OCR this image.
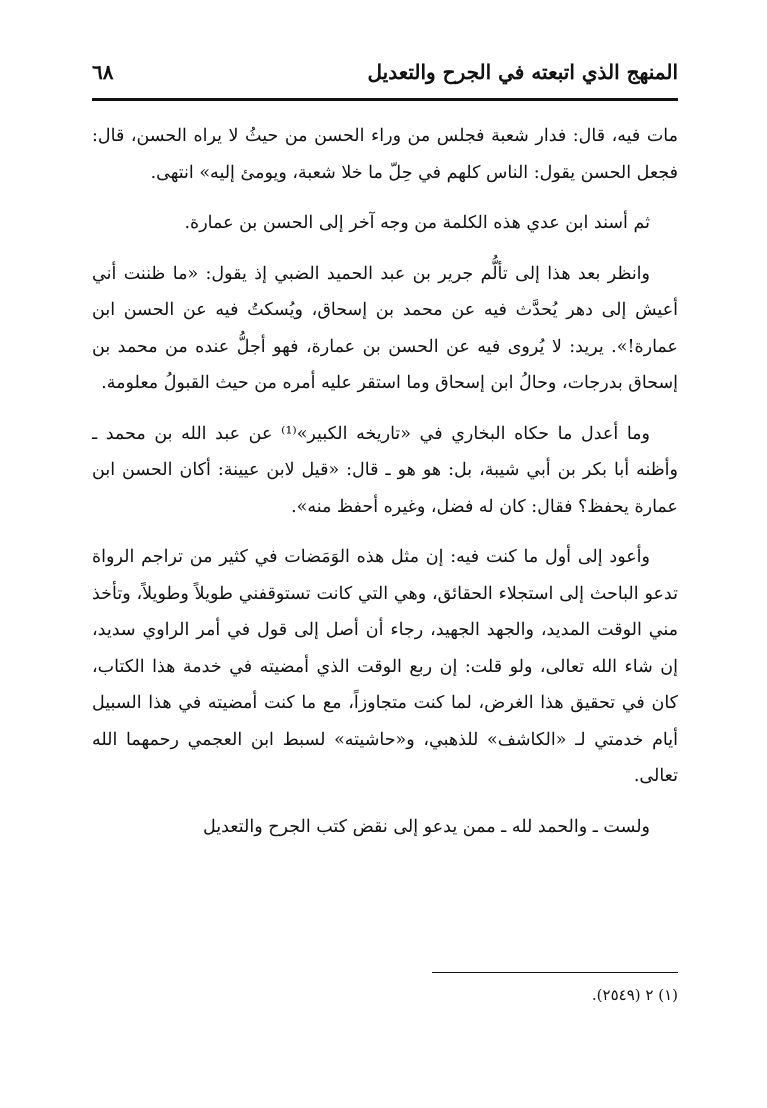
المنهج الذي اتبعته في الجرح والتعديل
٦٨

مات فيه، قال: فدار شعبة فجلس من وراء الحسن من حيثُ لا يراه الحسن، قال: فجعل الحسن يقول: الناس كلهم في حِلّ ما خلا شعبة، ويومئ إليه» انتهى.

ثم أسند ابن عدي هذه الكلمة من وجه آخر إلى الحسن بن عمارة.

وانظر بعد هذا إلى تألُّم جرير بن عبد الحميد الضبي إذ يقول: «ما ظننت أني أعيش إلى دهر يُحدَّث فيه عن محمد بن إسحاق، ويُسكتُ فيه عن الحسن ابن عمارة!». يريد: لا يُروى فيه عن الحسن بن عمارة، فهو أجلُّ عنده من محمد بن إسحاق بدرجات، وحالُ ابن إسحاق وما استقر عليه أمره من حيث القبولُ معلومة.

وما أعدل ما حكاه البخاري في «تاريخه الكبير»⁽¹⁾ عن عبد الله بن محمد ـ وأظنه أبا بكر بن أبي شيبة، بل: هو هو ـ قال: «قيل لابن عيينة: أكان الحسن ابن عمارة يحفظ؟ فقال: كان له فضل، وغيره أحفظ منه».

وأعود إلى أول ما كنت فيه: إن مثل هذه الوَمَضات في كثير من تراجم الرواة تدعو الباحث إلى استجلاء الحقائق، وهي التي كانت تستوقفني طويلاً وطويلاً، وتأخذ مني الوقت المديد، والجهد الجهيد، رجاء أن أصل إلى قول في أمر الراوي سديد، إن شاء الله تعالى، ولو قلت: إن ربع الوقت الذي أمضيته في خدمة هذا الكتاب، كان في تحقيق هذا الغرض، لما كنت متجاوزاً، مع ما كنت أمضيته في هذا السبيل أيام خدمتي لـ «الكاشف» للذهبي، و«حاشيته» لسبط ابن العجمي رحمهما الله تعالى.

ولست ـ والحمد لله ـ ممن يدعو إلى نقض كتب الجرح والتعديل

(١) ٢ (٢٥٤٩).
